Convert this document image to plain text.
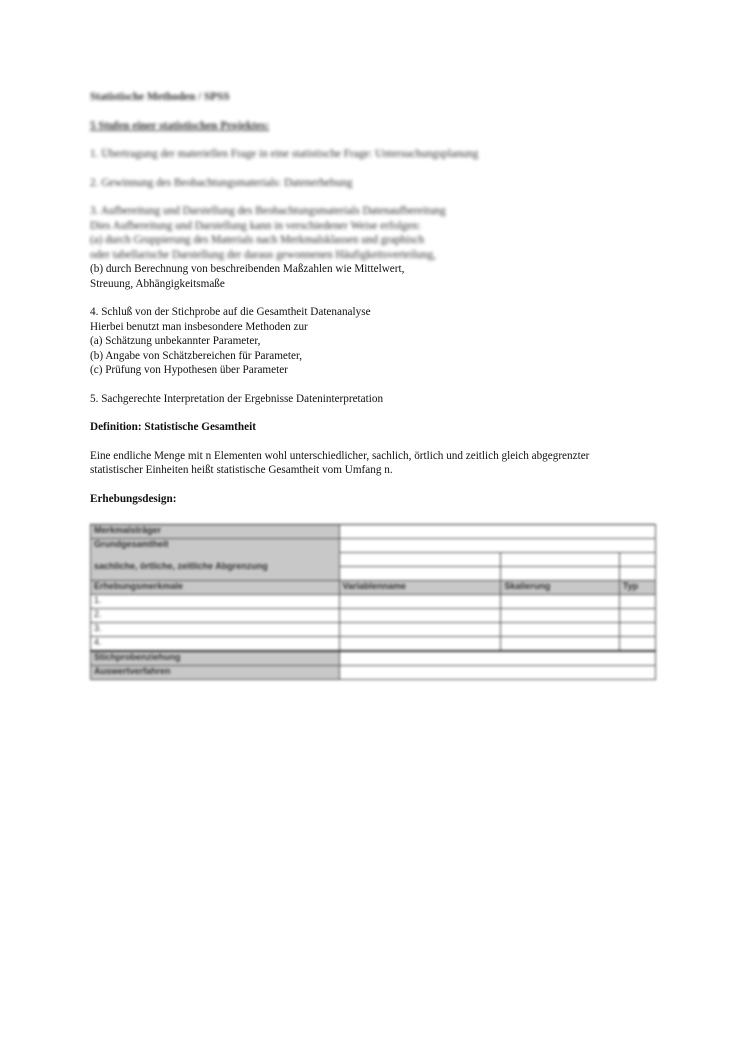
Statistische Methoden / SPSS

5 Stufen einer statistischen Projektes:

1. Übertragung der materiellen Frage in eine statistische Frage: Untersuchungsplanung

2. Gewinnung des Beobachtungsmaterials: Datenerhebung

3. Aufbereitung und Darstellung des Beobachtungsmaterials Datenaufbereitung

Dies Aufbereitung und Darstellung kann in verschiedener Weise erfolgen:

(a) durch Gruppierung des Materials nach Merkmalsklassen und graphisch

oder tabellarische Darstellung der daraus gewonnenen Häufigkeitsverteilung,

(b) durch Berechnung von beschreibenden Maßzahlen wie Mittelwert,

Streuung, Abhängigkeitsmaße

4. Schluß von der Stichprobe auf die Gesamtheit Datenanalyse

Hierbei benutzt man insbesondere Methoden zur

(a) Schätzung unbekannter Parameter,

(b) Angabe von Schätzbereichen für Parameter,

(c) Prüfung von Hypothesen über Parameter

5. Sachgerechte Interpretation der Ergebnisse Dateninterpretation

Definition: Statistische Gesamtheit

Eine endliche Menge mit n Elementen wohl unterschiedlicher, sachlich, örtlich und zeitlich gleich abgegrenzter

statistischer Einheiten heißt statistische Gesamtheit vom Umfang n.

Erhebungsdesign:

Merkmalsträger			

Grundgesamtheit
sachliche, örtliche, zeitliche Abgrenzung			

Erhebungsmerkmale	Variablenname	Skalierung	Typ
1.			
2.			
3.			
4.			
Stichprobenziehung			
Auswertverfahren			
